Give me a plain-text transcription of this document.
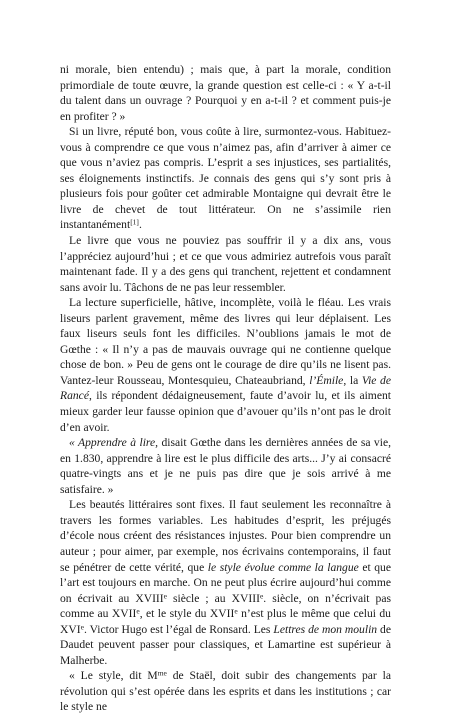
ni morale, bien entendu) ; mais que, à part la morale, condition primordiale de toute œuvre, la grande question est celle-ci : « Y a-t-il du talent dans un ouvrage ? Pourquoi y en a-t-il ? et comment puis-je en profiter ? »

Si un livre, réputé bon, vous coûte à lire, surmontez-vous. Habituez-vous à comprendre ce que vous n’aimez pas, afin d’arriver à aimer ce que vous n’aviez pas compris. L’esprit a ses injustices, ses partialités, ses éloignements instinctifs. Je connais des gens qui s’y sont pris à plusieurs fois pour goûter cet admirable Montaigne qui devrait être le livre de chevet de tout littérateur. On ne s’assimile rien instantanément[1].

Le livre que vous ne pouviez pas souffrir il y a dix ans, vous l’appréciez aujourd’hui ; et ce que vous admiriez autrefois vous paraît maintenant fade. Il y a des gens qui tranchent, rejettent et condamnent sans avoir lu. Tâchons de ne pas leur ressembler.

La lecture superficielle, hâtive, incomplète, voilà le fléau. Les vrais liseurs parlent gravement, même des livres qui leur déplaisent. Les faux liseurs seuls font les difficiles. N’oublions jamais le mot de Gœthe : « Il n’y a pas de mauvais ouvrage qui ne contienne quelque chose de bon. » Peu de gens ont le courage de dire qu’ils ne lisent pas. Vantez-leur Rousseau, Montesquieu, Chateaubriand, l’Émile, la Vie de Rancé, ils répondent dédaigneusement, faute d’avoir lu, et ils aiment mieux garder leur fausse opinion que d’avouer qu’ils n’ont pas le droit d’en avoir.

« Apprendre à lire, disait Gœthe dans les dernières années de sa vie, en 1.830, apprendre à lire est le plus difficile des arts... J’y ai consacré quatre-vingts ans et je ne puis pas dire que je sois arrivé à me satisfaire. »

Les beautés littéraires sont fixes. Il faut seulement les reconnaître à travers les formes variables. Les habitudes d’esprit, les préjugés d’école nous créent des résistances injustes. Pour bien comprendre un auteur ; pour aimer, par exemple, nos écrivains contemporains, il faut se pénétrer de cette vérité, que le style évolue comme la langue et que l’art est toujours en marche. On ne peut plus écrire aujourd’hui comme on écrivait au XVIIIe siècle ; au XVIIIe. siècle, on n’écrivait pas comme au XVIIe, et le style du XVIIe n’est plus le même que celui du XVIe. Victor Hugo est l’égal de Ronsard. Les Lettres de mon moulin de Daudet peuvent passer pour classiques, et Lamartine est supérieur à Malherbe.

« Le style, dit $M^{me}$ de Staël, doit subir des changements par la révolution qui s’est opérée dans les esprits et dans les institutions ; car le style ne
